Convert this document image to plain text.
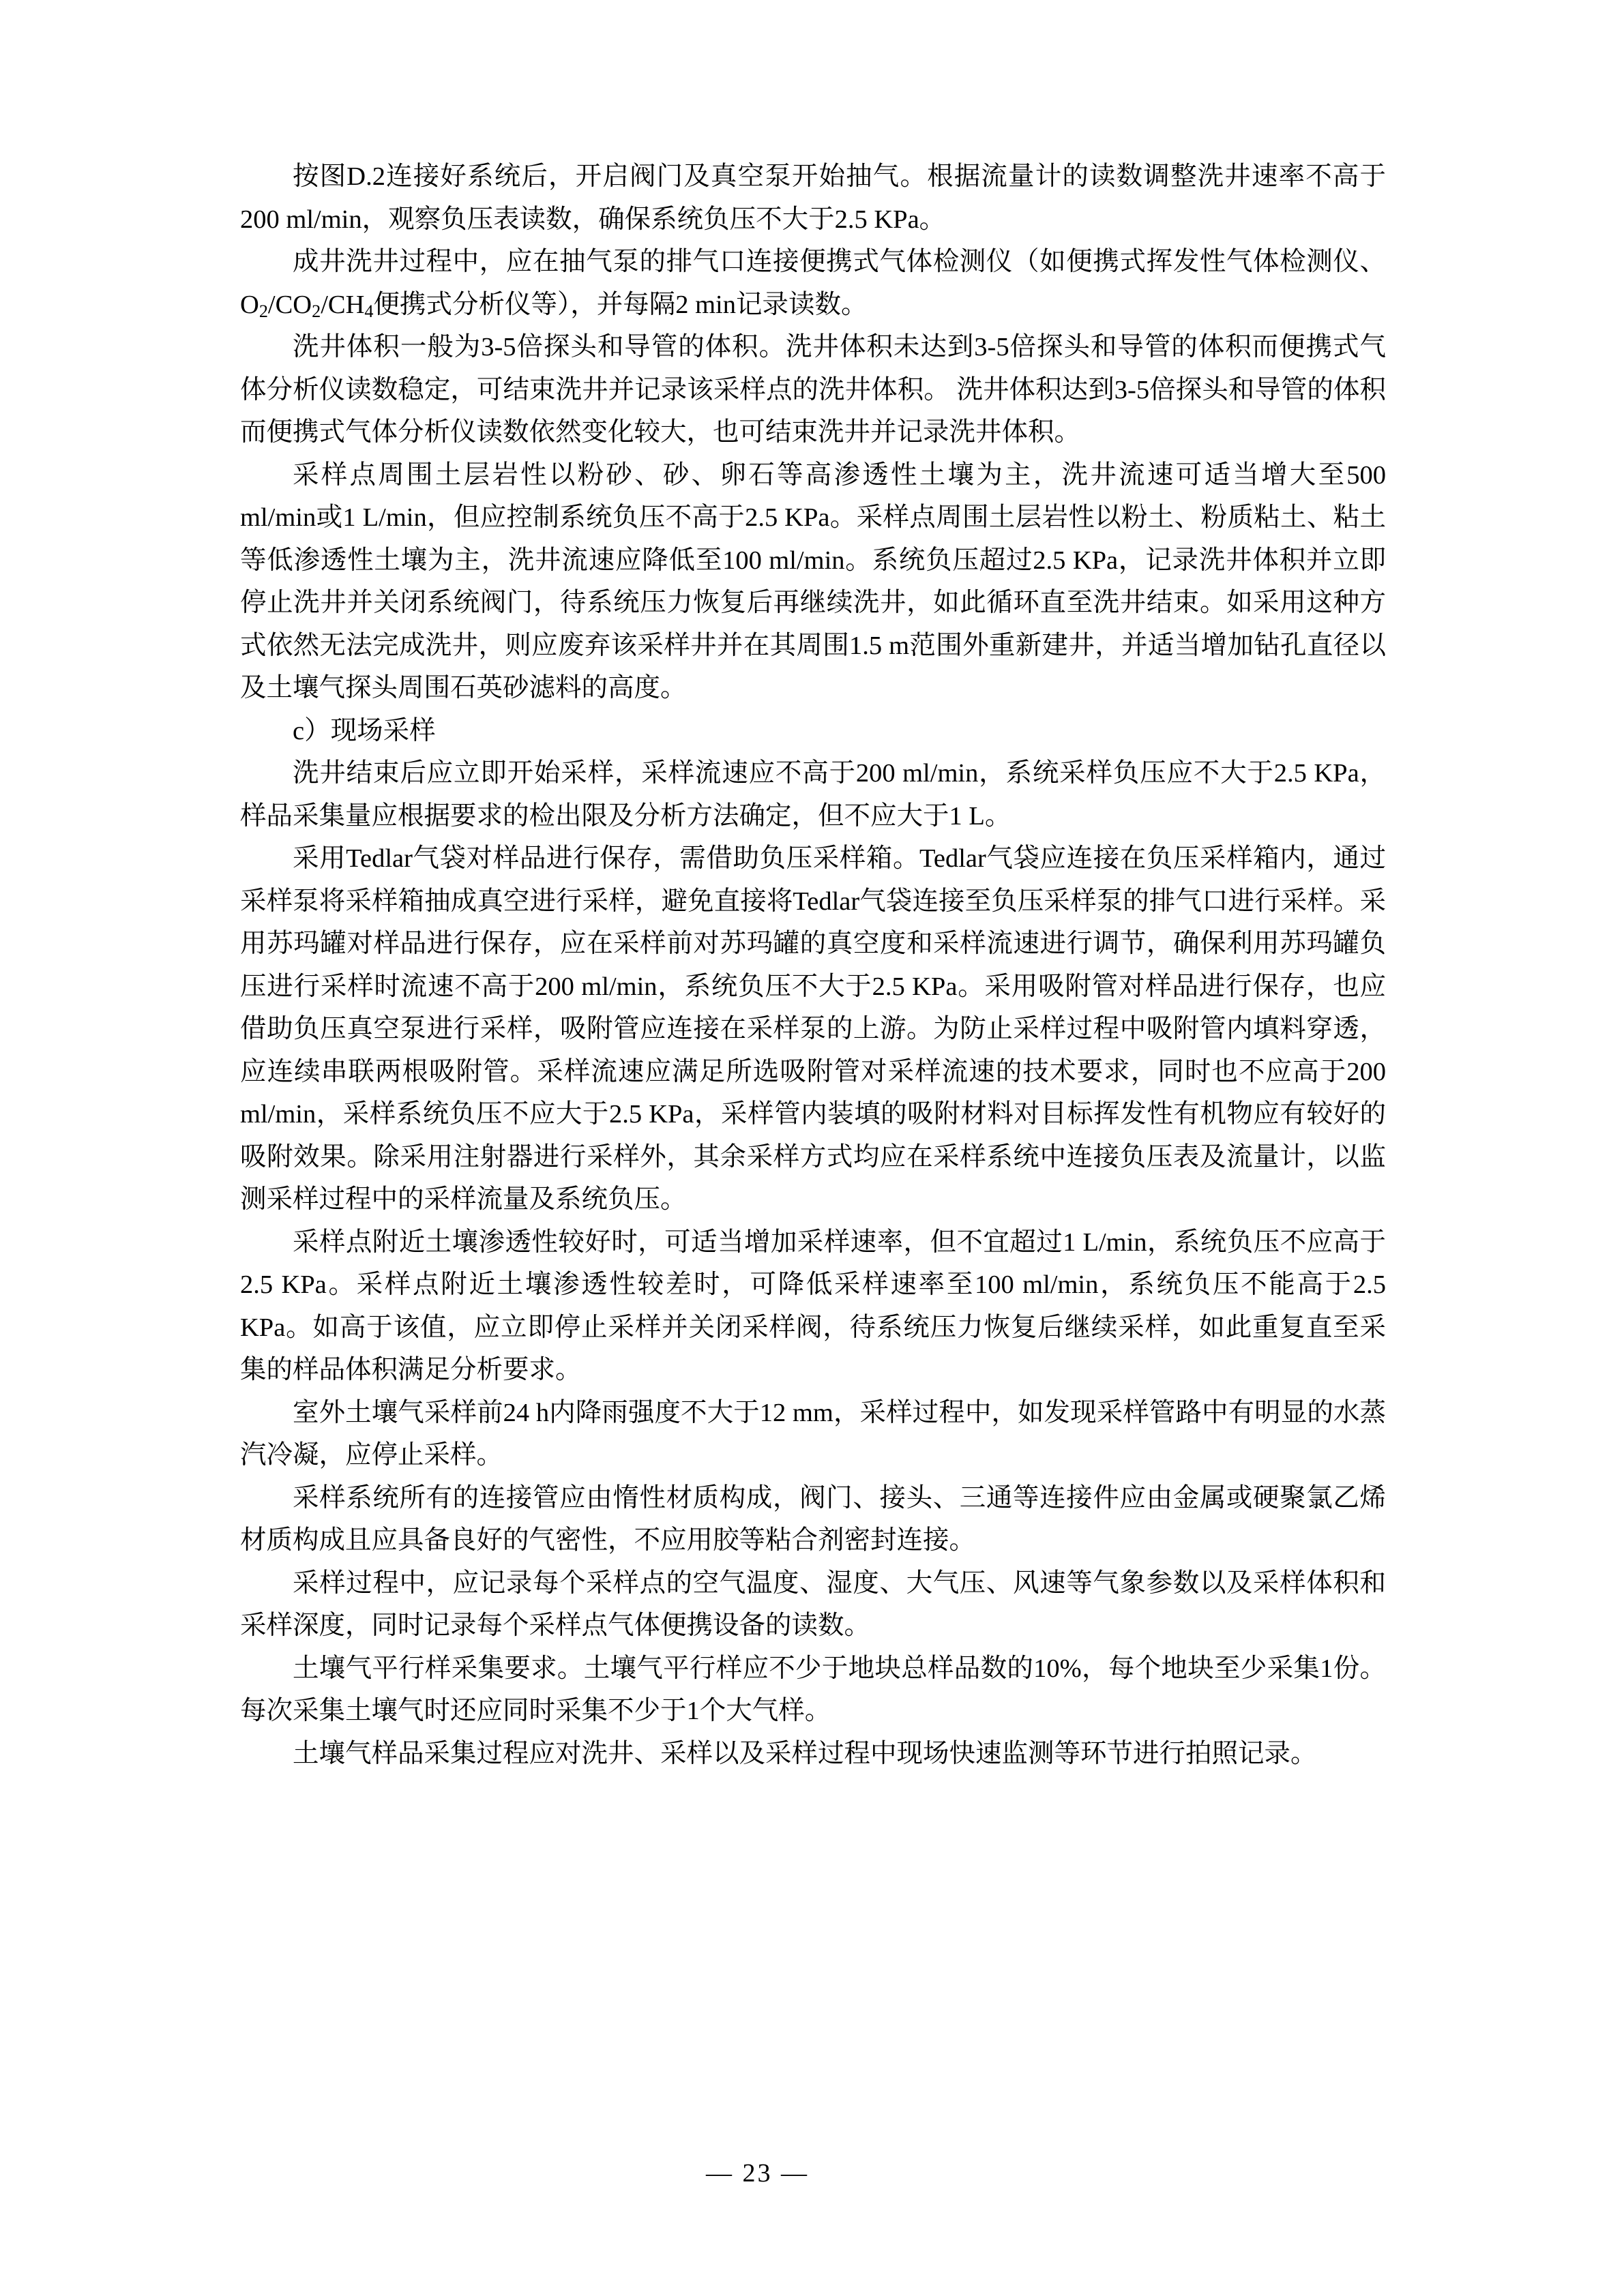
按图D.2连接好系统后，开启阀门及真空泵开始抽气。根据流量计的读数调整洗井速率不高于200 ml/min，观察负压表读数，确保系统负压不大于2.5 KPa。

成井洗井过程中，应在抽气泵的排气口连接便携式气体检测仪（如便携式挥发性气体检测仪、$O_2/CO_2/CH_4$便携式分析仪等），并每隔2 min记录读数。

洗井体积一般为3-5倍探头和导管的体积。洗井体积未达到3-5倍探头和导管的体积而便携式气体分析仪读数稳定，可结束洗井并记录该采样点的洗井体积。 洗井体积达到3-5倍探头和导管的体积而便携式气体分析仪读数依然变化较大，也可结束洗井并记录洗井体积。

采样点周围土层岩性以粉砂、砂、卵石等高渗透性土壤为主，洗井流速可适当增大至500 ml/min或1 L/min，但应控制系统负压不高于2.5 KPa。采样点周围土层岩性以粉土、粉质粘土、粘土等低渗透性土壤为主，洗井流速应降低至100 ml/min。系统负压超过2.5 KPa，记录洗井体积并立即停止洗井并关闭系统阀门，待系统压力恢复后再继续洗井，如此循环直至洗井结束。如采用这种方式依然无法完成洗井，则应废弃该采样井并在其周围1.5 m范围外重新建井，并适当增加钻孔直径以及土壤气探头周围石英砂滤料的高度。

c）现场采样

洗井结束后应立即开始采样，采样流速应不高于200 ml/min，系统采样负压应不大于2.5 KPa，样品采集量应根据要求的检出限及分析方法确定，但不应大于1 L。

采用Tedlar气袋对样品进行保存，需借助负压采样箱。Tedlar气袋应连接在负压采样箱内，通过采样泵将采样箱抽成真空进行采样，避免直接将Tedlar气袋连接至负压采样泵的排气口进行采样。采用苏玛罐对样品进行保存，应在采样前对苏玛罐的真空度和采样流速进行调节，确保利用苏玛罐负压进行采样时流速不高于200 ml/min，系统负压不大于2.5 KPa。采用吸附管对样品进行保存，也应借助负压真空泵进行采样，吸附管应连接在采样泵的上游。为防止采样过程中吸附管内填料穿透，应连续串联两根吸附管。采样流速应满足所选吸附管对采样流速的技术要求，同时也不应高于200 ml/min，采样系统负压不应大于2.5 KPa，采样管内装填的吸附材料对目标挥发性有机物应有较好的吸附效果。除采用注射器进行采样外，其余采样方式均应在采样系统中连接负压表及流量计，以监测采样过程中的采样流量及系统负压。

采样点附近土壤渗透性较好时，可适当增加采样速率，但不宜超过1 L/min，系统负压不应高于2.5 KPa。采样点附近土壤渗透性较差时，可降低采样速率至100 ml/min，系统负压不能高于2.5 KPa。如高于该值，应立即停止采样并关闭采样阀，待系统压力恢复后继续采样，如此重复直至采集的样品体积满足分析要求。

室外土壤气采样前24 h内降雨强度不大于12 mm，采样过程中，如发现采样管路中有明显的水蒸汽冷凝，应停止采样。

采样系统所有的连接管应由惰性材质构成，阀门、接头、三通等连接件应由金属或硬聚氯乙烯材质构成且应具备良好的气密性，不应用胶等粘合剂密封连接。

采样过程中，应记录每个采样点的空气温度、湿度、大气压、风速等气象参数以及采样体积和采样深度，同时记录每个采样点气体便携设备的读数。

土壤气平行样采集要求。土壤气平行样应不少于地块总样品数的10%，每个地块至少采集1份。每次采集土壤气时还应同时采集不少于1个大气样。

土壤气样品采集过程应对洗井、采样以及采样过程中现场快速监测等环节进行拍照记录。

— 23 —
